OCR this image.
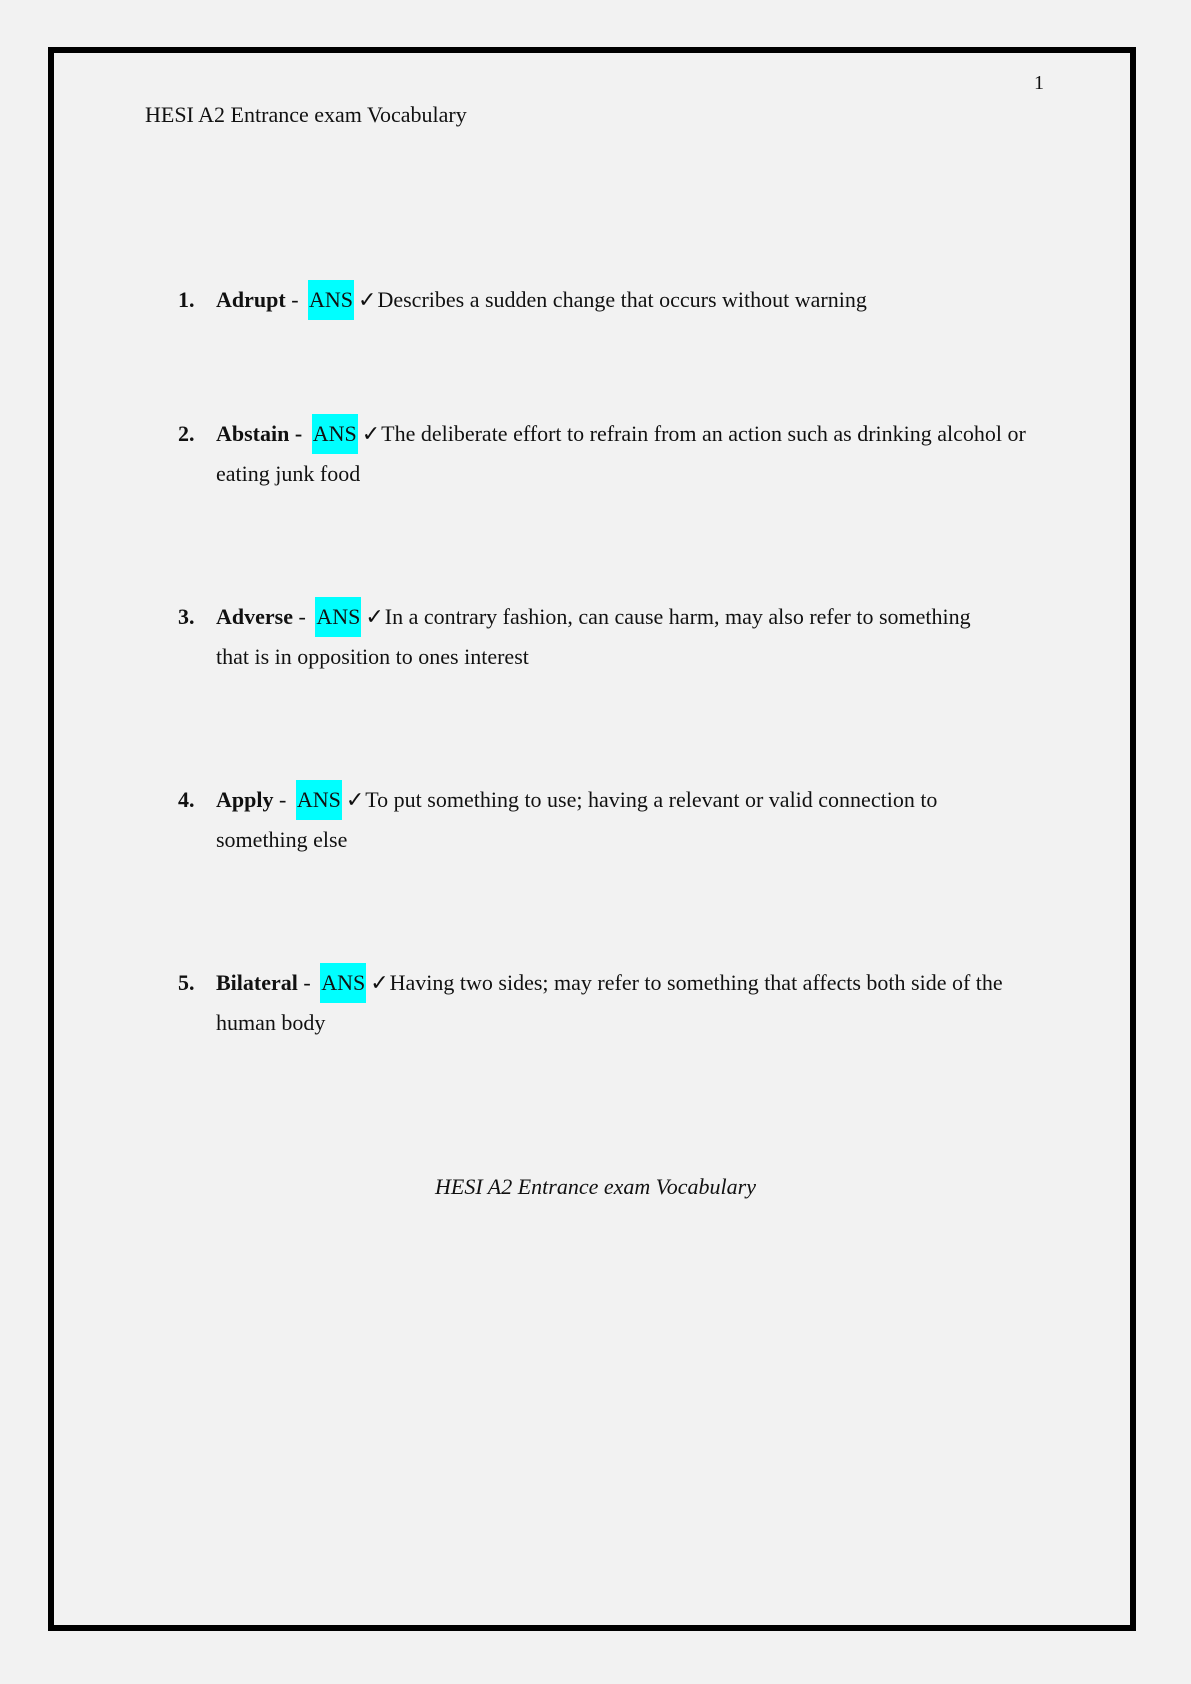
1
HESI A2 Entrance exam Vocabulary
1. Adrupt - ANS ✓ Describes a sudden change that occurs without warning
2. Abstain -
ANS ✓ The deliberate effort to refrain from an action such as drinking alcohol or
eating junk food
3. Adverse - ANS ✓ In a contrary fashion, can cause harm, may also refer to something
that is in opposition to ones interest
4. Apply - ANS ✓ To put something to use; having a relevant or valid connection to
something else
5. Bilateral - ANS ✓ Having two sides; may refer to something that affects both side of the
human body
HESI A2 Entrance exam Vocabulary
